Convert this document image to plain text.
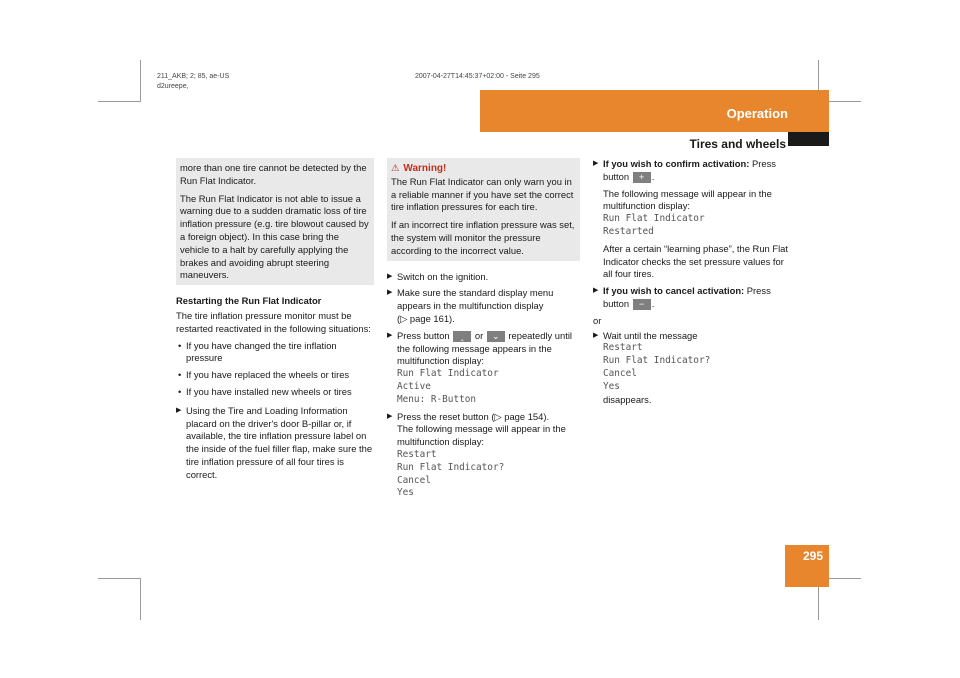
211_AKB; 2; 85, ae-US
d2ureepe,
2007-04-27T14:45:37+02:00 - Seite 295
Operation
Tires and wheels
295

more than one tire cannot be detected by the Run Flat Indicator.

The Run Flat Indicator is not able to issue a warning due to a sudden dramatic loss of tire inflation pressure (e.g. tire blowout caused by a foreign object). In this case bring the vehicle to a halt by carefully applying the brakes and avoiding abrupt steering maneuvers.

Restarting the Run Flat Indicator

The tire inflation pressure monitor must be restarted reactivated in the following situations:

• If you have changed the tire inflation pressure
• If you have replaced the wheels or tires
• If you have installed new wheels or tires
▶ Using the Tire and Loading Information placard on the driver's door B-pillar or, if available, the tire inflation pressure label on the inside of the fuel filler flap, make sure the tire inflation pressure of all four tires is correct.
⚠ Warning!

The Run Flat Indicator can only warn you in a reliable manner if you have set the correct tire inflation pressures for each tire.

If an incorrect tire inflation pressure was set, the system will monitor the pressure according to the incorrect value.

▶ Switch on the ignition.
▶ Make sure the standard display menu appears in the multifunction display
(▷ page 161).
▶ Press button ‸ or ⌄ repeatedly until the following message appears in the multifunction display:
Run Flat Indicator
Active
Menu: R-Button
▶ Press the reset button (▷ page 154).
The following message will appear in the multifunction display:
Restart
Run Flat Indicator?
Cancel
Yes
▶ If you wish to confirm activation: Press button + .
The following message will appear in the multifunction display:
Run Flat Indicator
Restarted
After a certain “learning phase”, the Run Flat Indicator checks the set pressure values for all four tires.
▶ If you wish to cancel activation: Press button − .
or
▶ Wait until the message
Restart
Run Flat Indicator?
Cancel
Yes
disappears.
